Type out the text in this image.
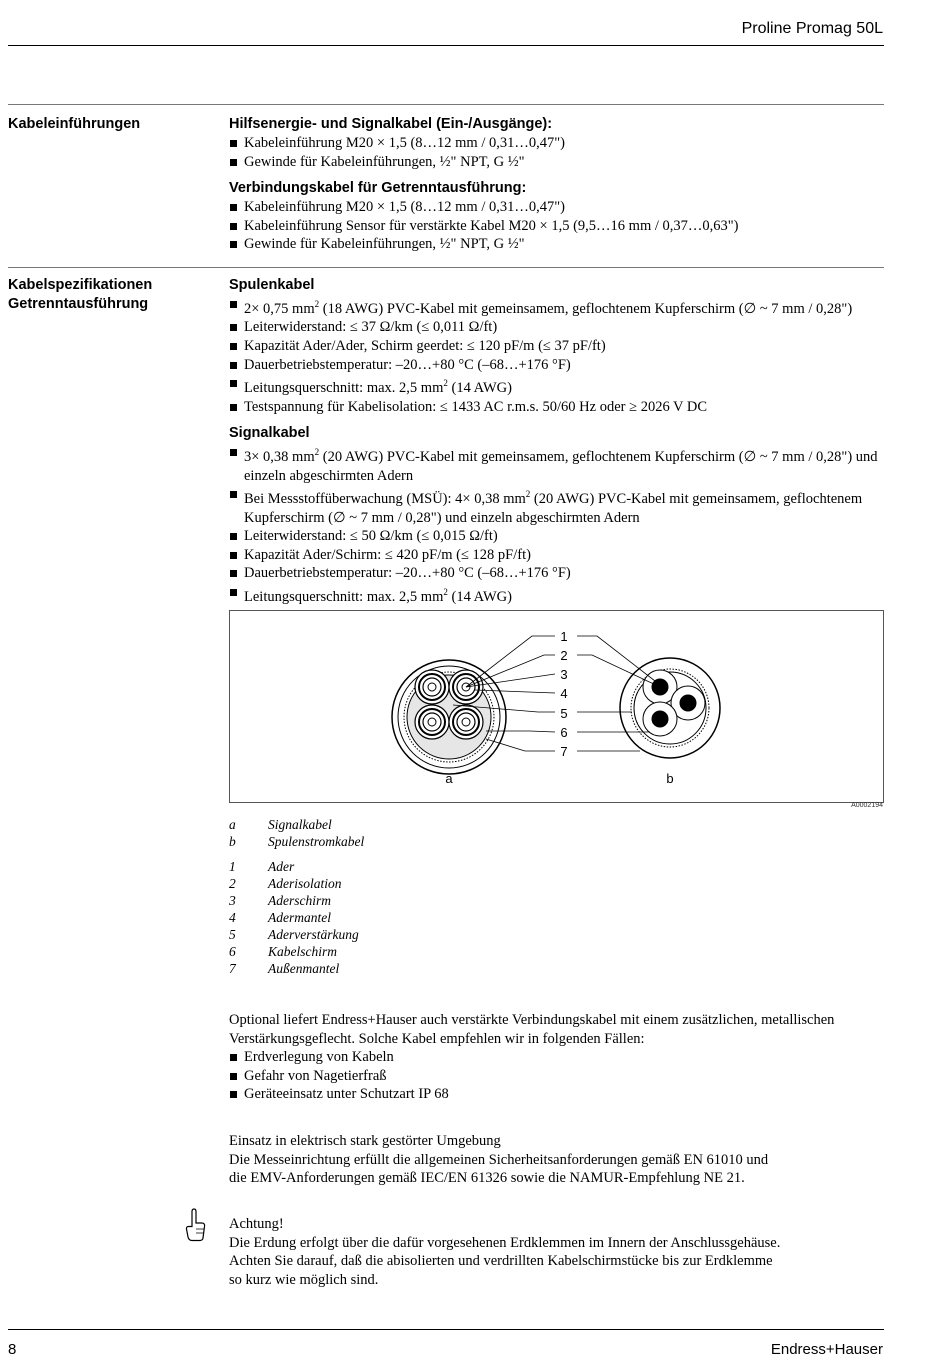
Proline Promag 50L
Kabeleinführungen	Hilfsenergie- und Signalkabel (Ein-/Ausgänge):
Kabeleinführung M20 × 1,5 (8…12 mm / 0,31…0,47")
Gewinde für Kabeleinführungen, ½" NPT, G ½"
Verbindungskabel für Getrenntausführung:
Kabeleinführung M20 × 1,5 (8…12 mm / 0,31…0,47")
Kabeleinführung Sensor für verstärkte Kabel M20 × 1,5 (9,5…16 mm / 0,37…0,63")
Gewinde für Kabeleinführungen, ½" NPT, G ½"
Kabelspezifikationen
Getrenntausführung
Spulenkabel
2× 0,75 $mm^2$ (18 AWG) PVC-Kabel mit gemeinsamem, geflochtenem Kupferschirm (∅ ~ 7 mm / 0,28")
Leiterwiderstand: ≤ 37 Ω/km (≤ 0,011 Ω/ft)
Kapazität Ader/Ader, Schirm geerdet: ≤ 120 pF/m (≤ 37 pF/ft)
Dauerbetriebstemperatur: –20…+80 °C (–68…+176 °F)
Leitungsquerschnitt: max. 2,5 $mm^2$ (14 AWG)
Testspannung für Kabelisolation: ≤ 1433 AC r.m.s. 50/60 Hz oder ≥ 2026 V DC
Signalkabel
3× 0,38 $mm^2$ (20 AWG) PVC-Kabel mit gemeinsamem, geflochtenem Kupferschirm (∅ ~ 7 mm / 0,28") und einzeln abgeschirmten Adern
Bei Messstoffüberwachung (MSÜ): 4× 0,38 $mm^2$ (20 AWG) PVC-Kabel mit gemeinsamem, geflochtenem Kupferschirm (∅ ~ 7 mm / 0,28") und einzeln abgeschirmten Adern
Leiterwiderstand: ≤ 50 Ω/km (≤ 0,015 Ω/ft)
Kapazität Ader/Schirm: ≤ 420 pF/m (≤ 128 pF/ft)
Dauerbetriebstemperatur: –20…+80 °C (–68…+176 °F)
Leitungsquerschnitt: max. 2,5 $mm^2$ (14 AWG)
1
2
3
4
5
6
7
a	b
A0002194
a	Signalkabel
b	Spulenstromkabel
1	Ader
2	Aderisolation
3	Aderschirm
4	Adermantel
5	Aderverstärkung
6	Kabelschirm
7	Außenmantel
Optional liefert Endress+Hauser auch verstärkte Verbindungskabel mit einem zusätzlichen, metallischen Verstärkungsgeflecht. Solche Kabel empfehlen wir in folgenden Fällen:
Erdverlegung von Kabeln
Gefahr von Nagetierfraß
Geräteeinsatz unter Schutzart IP 68
Einsatz in elektrisch stark gestörter Umgebung
Die Messeinrichtung erfüllt die allgemeinen Sicherheitsanforderungen gemäß EN 61010 und
die EMV-Anforderungen gemäß IEC/EN 61326 sowie die NAMUR-Empfehlung NE 21.
Achtung!
Die Erdung erfolgt über die dafür vorgesehenen Erdklemmen im Innern der Anschlussgehäuse.
Achten Sie darauf, daß die abisolierten und verdrillten Kabelschirmstücke bis zur Erdklemme
so kurz wie möglich sind.
8	Endress+Hauser
